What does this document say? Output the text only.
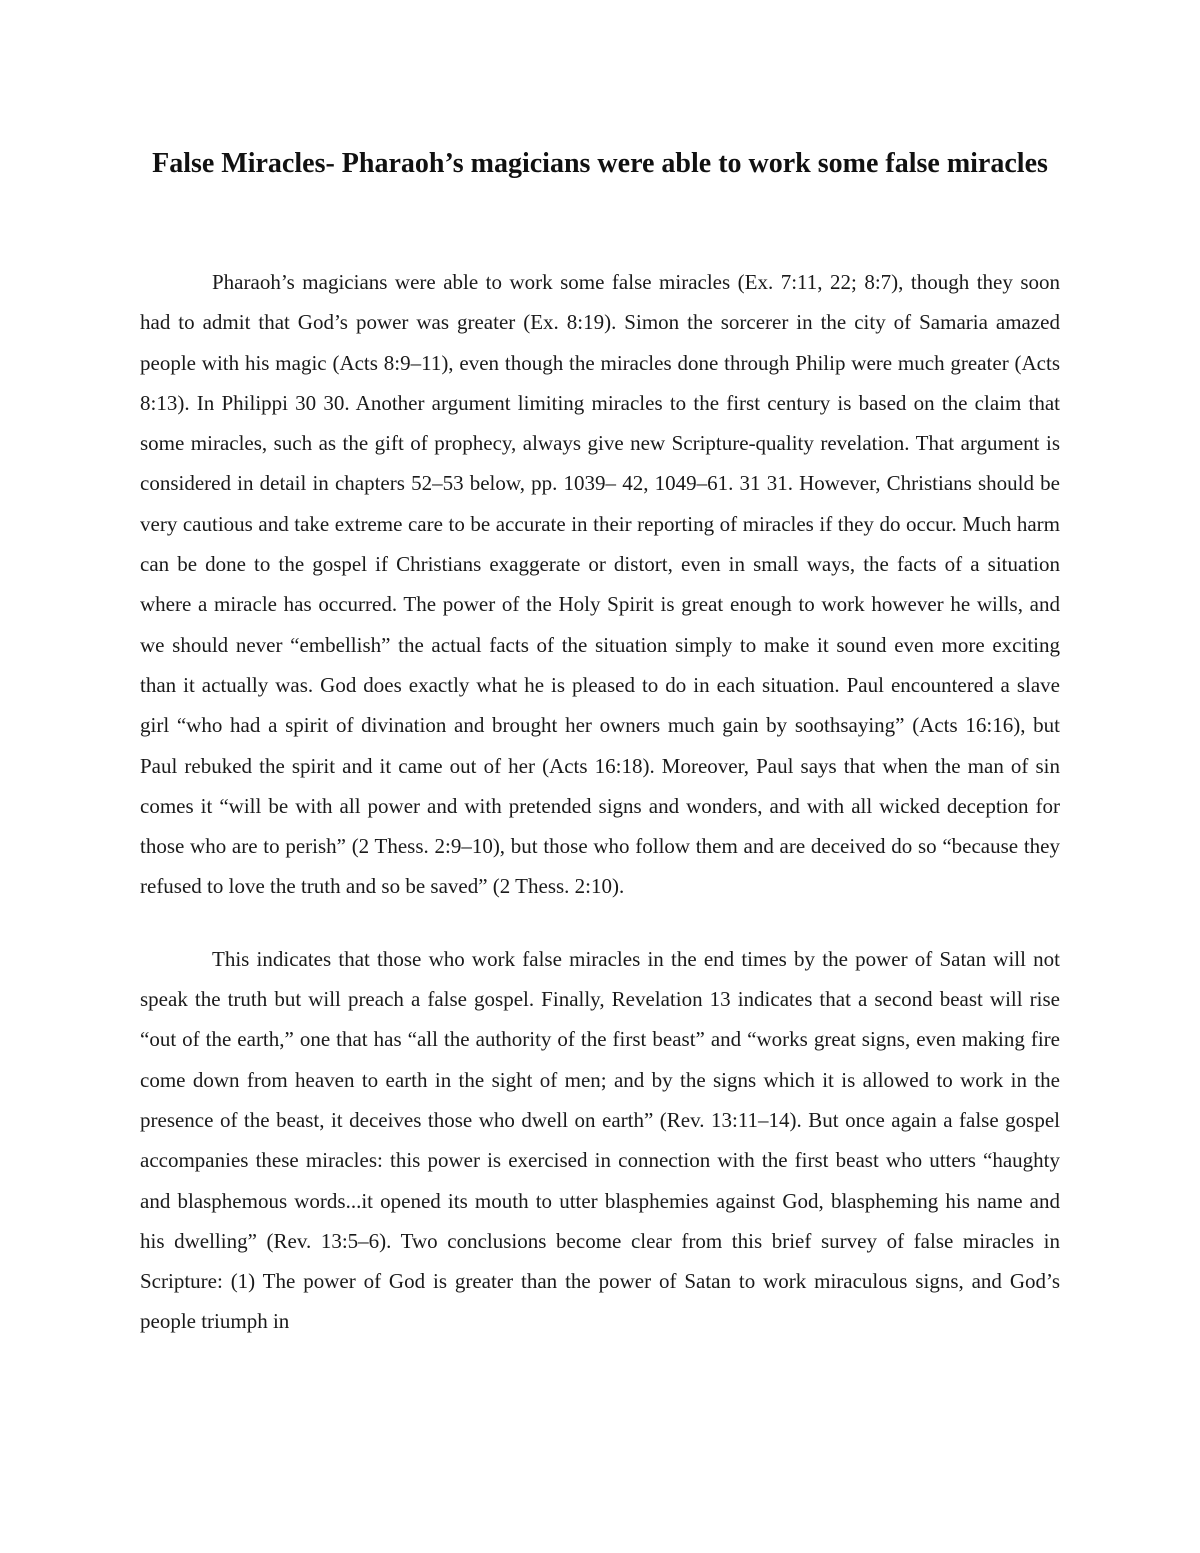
False Miracles- Pharaoh’s magicians were able to work some false miracles

Pharaoh’s magicians were able to work some false miracles (Ex. 7:11, 22; 8:7), though they soon had to admit that God’s power was greater (Ex. 8:19). Simon the sorcerer in the city of Samaria amazed people with his magic (Acts 8:9–11), even though the miracles done through Philip were much greater (Acts 8:13). In Philippi 30 30. Another argument limiting miracles to the first century is based on the claim that some miracles, such as the gift of prophecy, always give new Scripture-quality revelation. That argument is considered in detail in chapters 52–53 below, pp. 1039– 42, 1049–61. 31 31. However, Christians should be very cautious and take extreme care to be accurate in their reporting of miracles if they do occur. Much harm can be done to the gospel if Christians exaggerate or distort, even in small ways, the facts of a situation where a miracle has occurred. The power of the Holy Spirit is great enough to work however he wills, and we should never “embellish” the actual facts of the situation simply to make it sound even more exciting than it actually was. God does exactly what he is pleased to do in each situation. Paul encountered a slave girl “who had a spirit of divination and brought her owners much gain by soothsaying” (Acts 16:16), but Paul rebuked the spirit and it came out of her (Acts 16:18). Moreover, Paul says that when the man of sin comes it “will be with all power and with pretended signs and wonders, and with all wicked deception for those who are to perish” (2 Thess. 2:9–10), but those who follow them and are deceived do so “because they refused to love the truth and so be saved” (2 Thess. 2:10).

This indicates that those who work false miracles in the end times by the power of Satan will not speak the truth but will preach a false gospel. Finally, Revelation 13 indicates that a second beast will rise “out of the earth,” one that has “all the authority of the first beast” and “works great signs, even making fire come down from heaven to earth in the sight of men; and by the signs which it is allowed to work in the presence of the beast, it deceives those who dwell on earth” (Rev. 13:11–14). But once again a false gospel accompanies these miracles: this power is exercised in connection with the first beast who utters “haughty and blasphemous words...it opened its mouth to utter blasphemies against God, blaspheming his name and his dwelling” (Rev. 13:5–6). Two conclusions become clear from this brief survey of false miracles in Scripture: (1) The power of God is greater than the power of Satan to work miraculous signs, and God’s people triumph in
